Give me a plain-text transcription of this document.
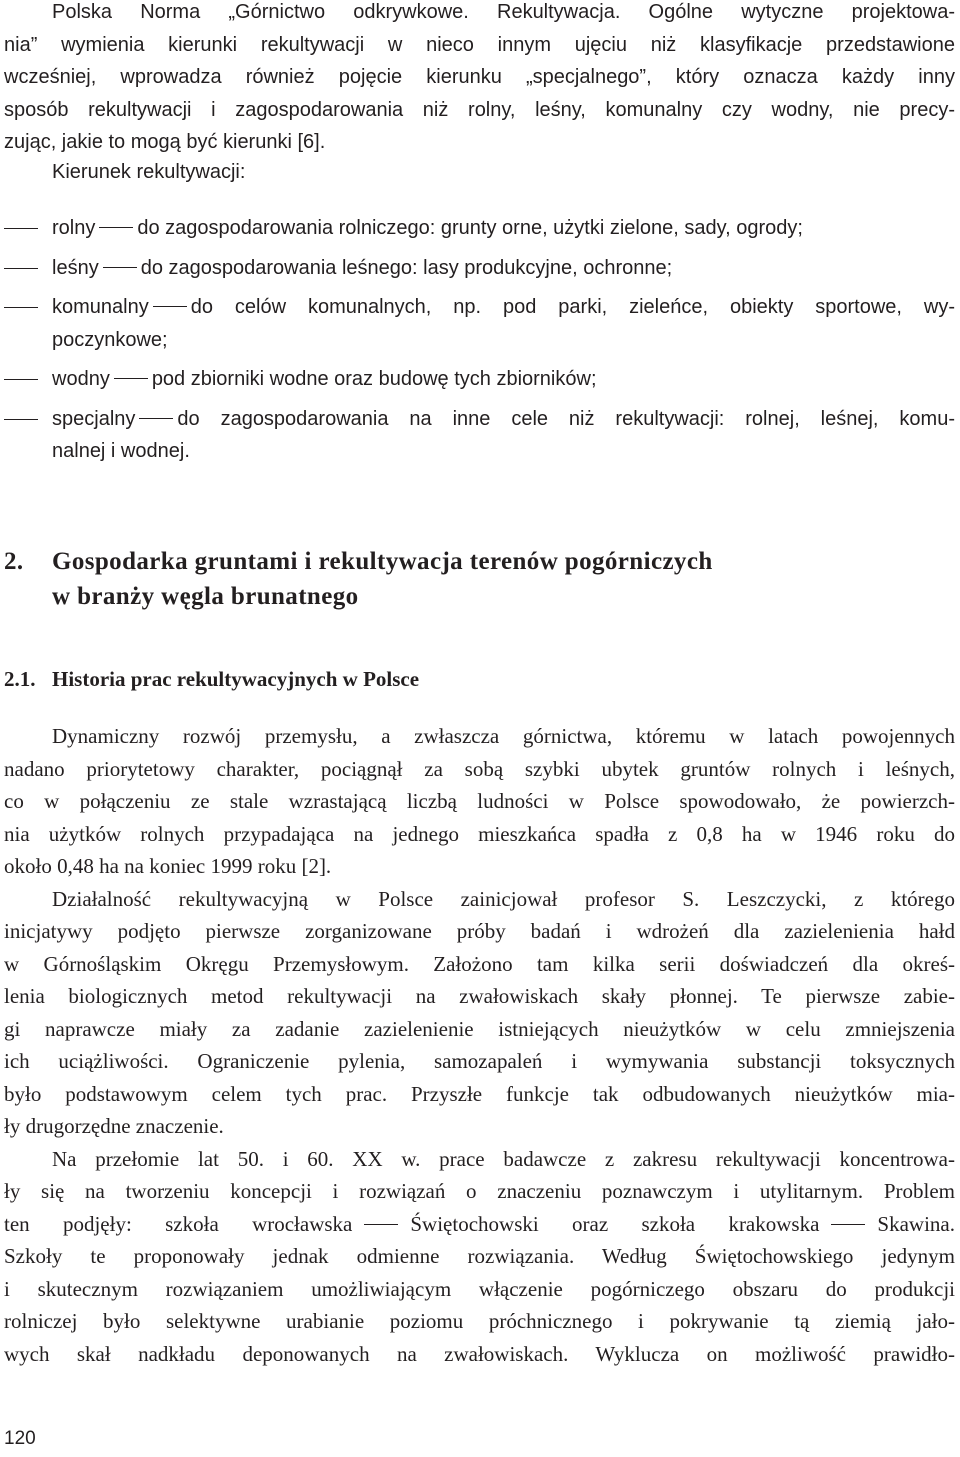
Polska Norma „Górnictwo odkrywkowe. Rekultywacja. Ogólne wytyczne projektowa-
nia” wymienia kierunki rekultywacji w nieco innym ujęciu niż klasyfikacje przedstawione
wcześniej, wprowadza również pojęcie kierunku „specjalnego”, który oznacza każdy inny
sposób rekultywacji i zagospodarowania niż rolny, leśny, komunalny czy wodny, nie precy-
zując, jakie to mogą być kierunki [6].
Kierunek rekultywacji:
rolny do zagospodarowania rolniczego: grunty orne, użytki zielone, sady, ogrody;
leśny do zagospodarowania leśnego: lasy produkcyjne, ochronne;
komunalny do celów komunalnych, np. pod parki, zieleńce, obiekty sportowe, wy-
poczynkowe;
wodny pod zbiorniki wodne oraz budowę tych zbiorników;
specjalny do zagospodarowania na inne cele niż rekultywacji: rolnej, leśnej, komu-
nalnej i wodnej.
2. Gospodarka gruntami i rekultywacja terenów pogórniczych
w branży węgla brunatnego
2.1. Historia prac rekultywacyjnych w Polsce
Dynamiczny rozwój przemysłu, a zwłaszcza górnictwa, któremu w latach powojennych
nadano priorytetowy charakter, pociągnął za sobą szybki ubytek gruntów rolnych i leśnych,
co w połączeniu ze stale wzrastającą liczbą ludności w Polsce spowodowało, że powierzch-
nia użytków rolnych przypadająca na jednego mieszkańca spadła z 0,8 ha w 1946 roku do
około 0,48 ha na koniec 1999 roku [2].
Działalność rekultywacyjną w Polsce zainicjował profesor S. Leszczycki, z którego
inicjatywy podjęto pierwsze zorganizowane próby badań i wdrożeń dla zazielenienia hałd
w Górnośląskim Okręgu Przemysłowym. Założono tam kilka serii doświadczeń dla okreś-
lenia biologicznych metod rekultywacji na zwałowiskach skały płonnej. Te pierwsze zabie-
gi naprawcze miały za zadanie zazielenienie istniejących nieużytków w celu zmniejszenia
ich uciążliwości. Ograniczenie pylenia, samozapaleń i wymywania substancji toksycznych
było podstawowym celem tych prac. Przyszłe funkcje tak odbudowanych nieużytków mia-
ły drugorzędne znaczenie.
Na przełomie lat 50. i 60. XX w. prace badawcze z zakresu rekultywacji koncentrowa-
ły się na tworzeniu koncepcji i rozwiązań o znaczeniu poznawczym i utylitarnym. Problem
ten podjęły: szkoła wrocławska	Świętochowski oraz szkoła krakowska	Skawina.
Szkoły te proponowały jednak odmienne rozwiązania. Według Świętochowskiego jedynym
i skutecznym rozwiązaniem umożliwiającym włączenie pogórniczego obszaru do produkcji
rolniczej było selektywne urabianie poziomu próchnicznego i pokrywanie tą ziemią jało-
wych skał nadkładu deponowanych na zwałowiskach. Wyklucza on możliwość prawidło-
120
